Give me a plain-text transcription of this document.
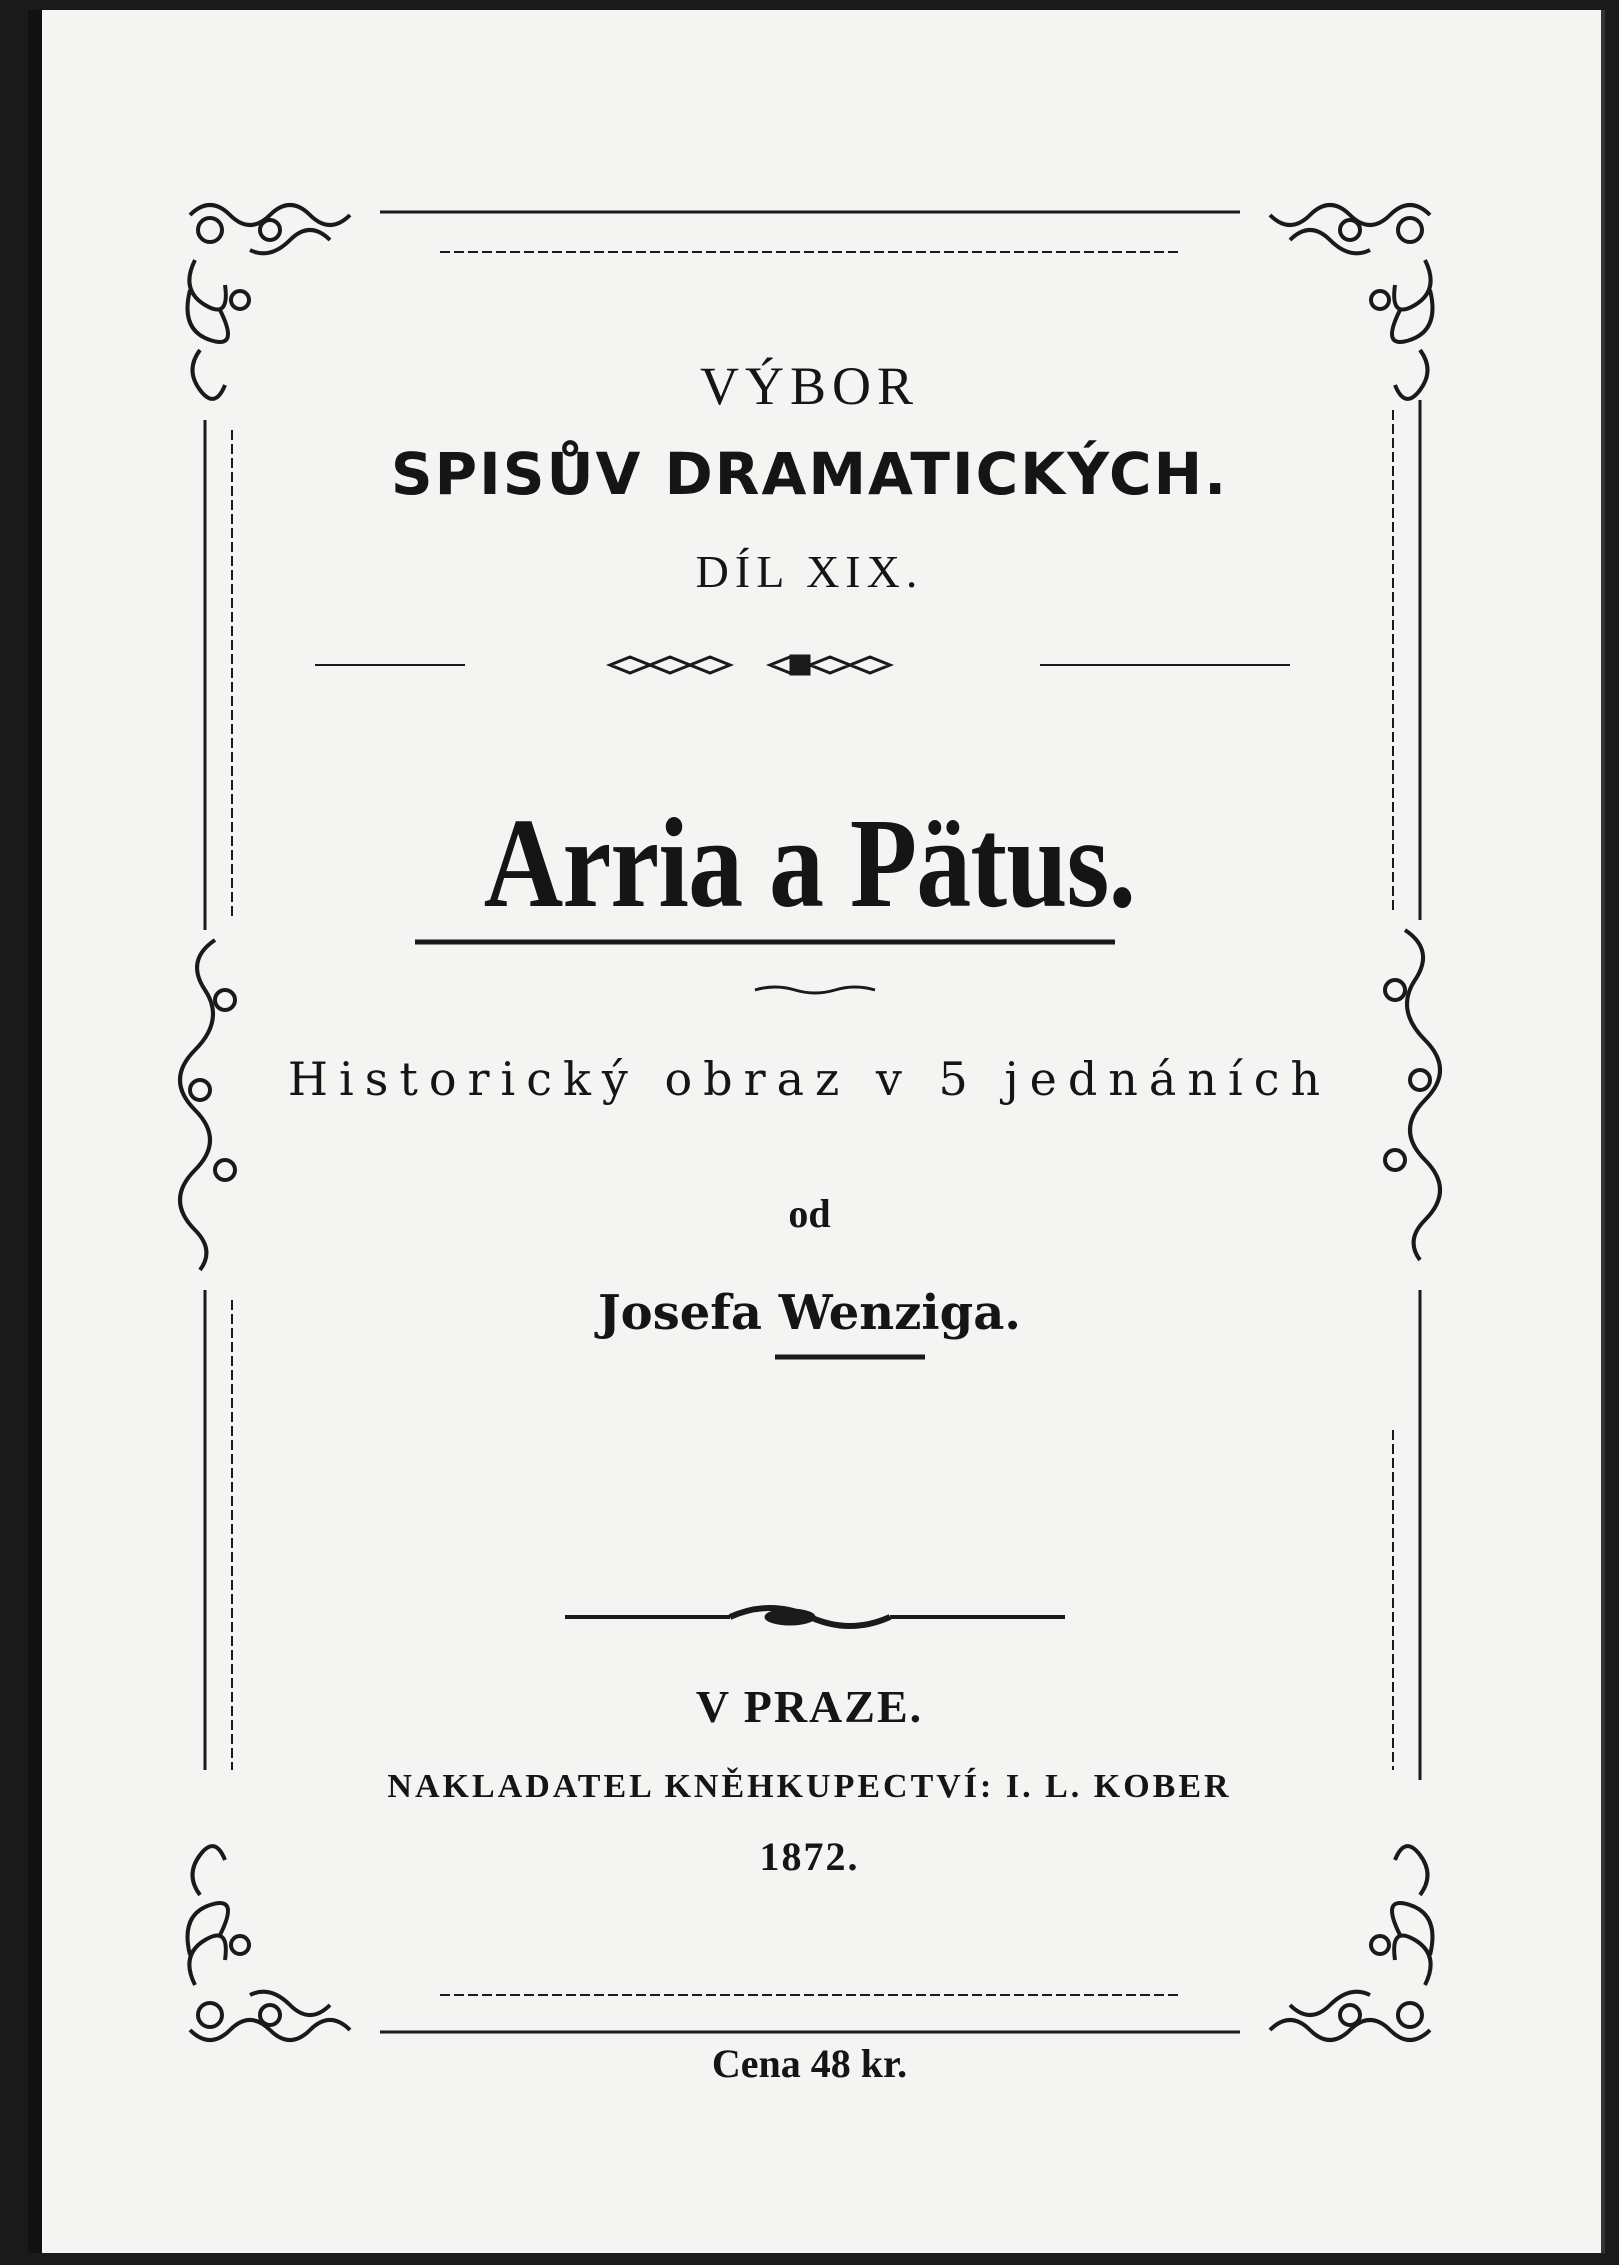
VÝBOR

SPISŮV DRAMATICKÝCH.

DÍL XIX.

Arria a Pätus.

Historický obraz v 5 jednáních

od

Josefa Wenziga.

V PRAZE.

NAKLADATEL KNĚHKUPECTVÍ: I. L. KOBER

1872.

Cena 48 kr.
